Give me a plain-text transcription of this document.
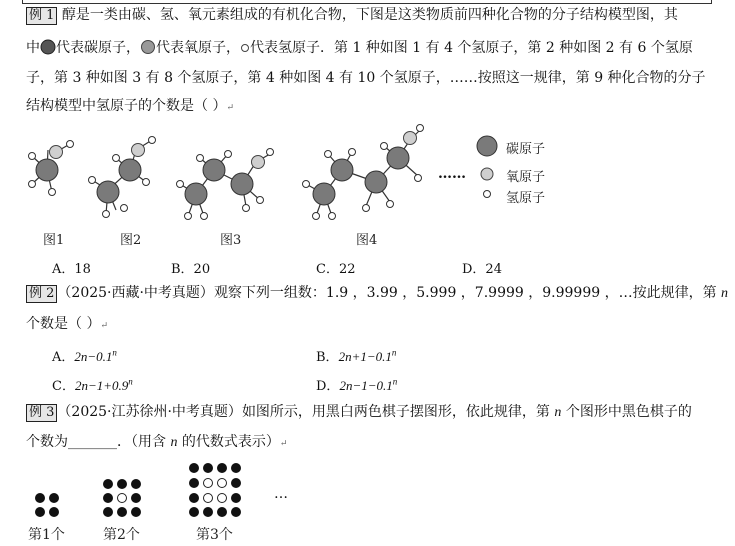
例 1 醇是一类由碳、氢、氧元素组成的有机化合物，下图是这类物质前四种化合物的分子结构模型图，其
中 代表碳原子， 代表氧原子， 代表氢原子．第 1 种如图 1 有 4 个氢原子，第 2 种如图 2 有 6 个氢原
子，第 3 种如图 3 有 8 个氢原子，第 4 种如图 4 有 10 个氢原子，……按照这一规律，第 9 种化合物的分子
结构模型中氢原子的个数是（ ）↵
……
碳原子
氧原子
氢原子
图1	图2	图3	图4
A．18	B．20	C．22	D．24
例 2 （2025·西藏·中考真题）观察下列一组数：1.9 ，3.99 ，5.999 ，7.9999 ，9.99999 ，…按此规律，第 n
个数是（ ）↵
A．$2n-0.1^n$	B．$2n+1-0.1^n$
C．$2n-1+0.9^n$	D．$2n-1-0.1^n$
例 3 （2025·江苏徐州·中考真题）如图所示，用黑白两色棋子摆图形，依此规律，第 n 个图形中黑色棋子的
个数为_______．（用含 n 的代数式表示）↵
…
第1个	第2个	第3个
